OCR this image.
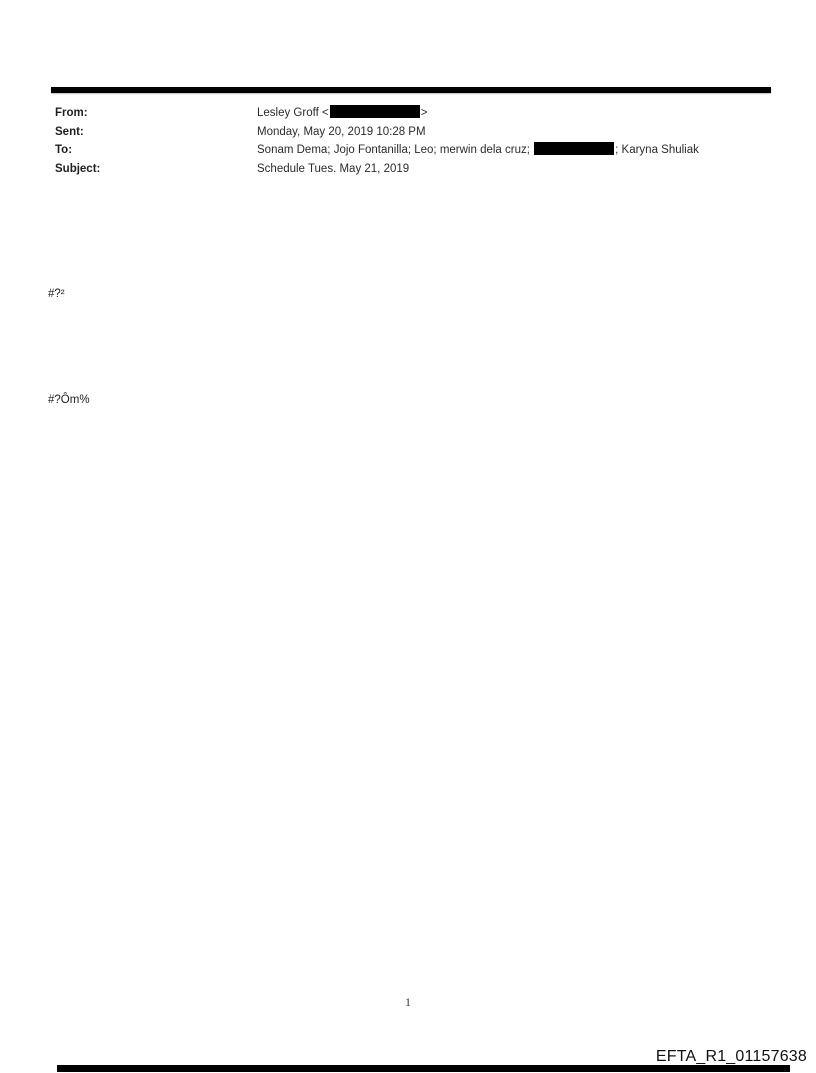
From:	Lesley Groff <	>
Sent:	Monday, May 20, 2019 10:28 PM
To:	Sonam Dema; Jojo Fontanilla; Leo; merwin dela cruz;	; Karyna Shuliak
Subject:	Schedule Tues. May 21, 2019
#?²
#?Ôm%
1
EFTA_R1_01157638
